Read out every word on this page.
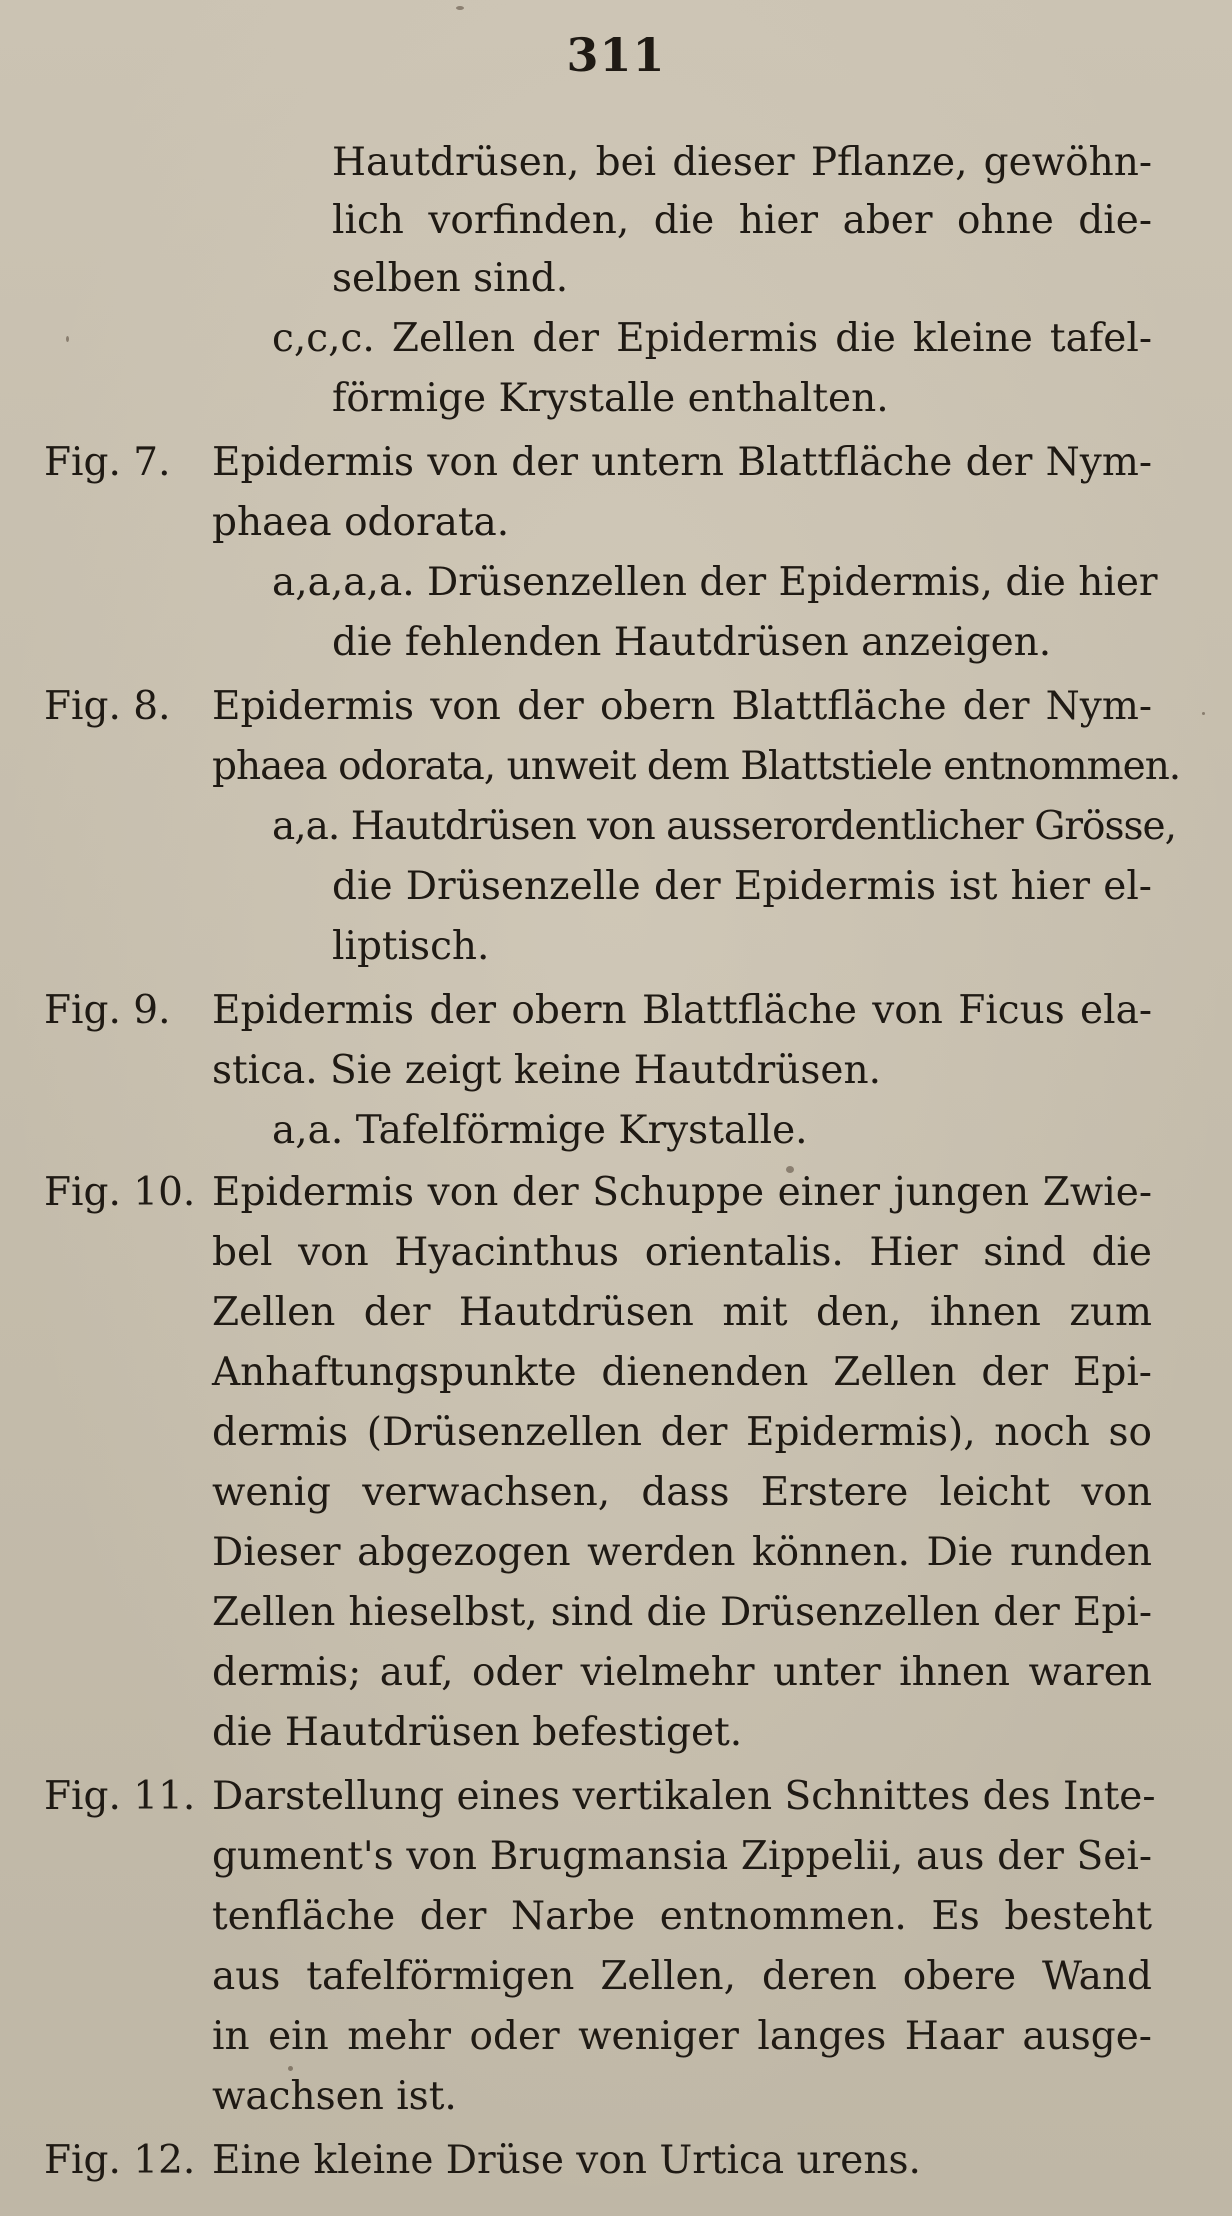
311
Hautdrüsen, bei dieser Pflanze, gewöhn-
lich vorfinden, die hier aber ohne die-
selben sind.
c,c,c. Zellen der Epidermis die kleine tafel-
förmige Krystalle enthalten.
Fig. 7. Epidermis von der untern Blattfläche der Nym-
phaea odorata.
a,a,a,a. Drüsenzellen der Epidermis, die hier
die fehlenden Hautdrüsen anzeigen.
Fig. 8. Epidermis von der obern Blattfläche der Nym-
phaea odorata, unweit dem Blattstiele entnommen.
a,a. Hautdrüsen von ausserordentlicher Grösse,
die Drüsenzelle der Epidermis ist hier el-
liptisch.
Fig. 9. Epidermis der obern Blattfläche von Ficus ela-
stica. Sie zeigt keine Hautdrüsen.
a,a. Tafelförmige Krystalle.
Fig. 10. Epidermis von der Schuppe einer jungen Zwie-
bel von Hyacinthus orientalis. Hier sind die
Zellen der Hautdrüsen mit den, ihnen zum
Anhaftungspunkte dienenden Zellen der Epi-
dermis (Drüsenzellen der Epidermis), noch so
wenig verwachsen, dass Erstere leicht von
Dieser abgezogen werden können. Die runden
Zellen hieselbst, sind die Drüsenzellen der Epi-
dermis; auf, oder vielmehr unter ihnen waren
die Hautdrüsen befestiget.
Fig. 11. Darstellung eines vertikalen Schnittes des Inte-
gument's von Brugmansia Zippelii, aus der Sei-
tenfläche der Narbe entnommen. Es besteht
aus tafelförmigen Zellen, deren obere Wand
in ein mehr oder weniger langes Haar ausge-
wachsen ist.
Fig. 12. Eine kleine Drüse von Urtica urens.
